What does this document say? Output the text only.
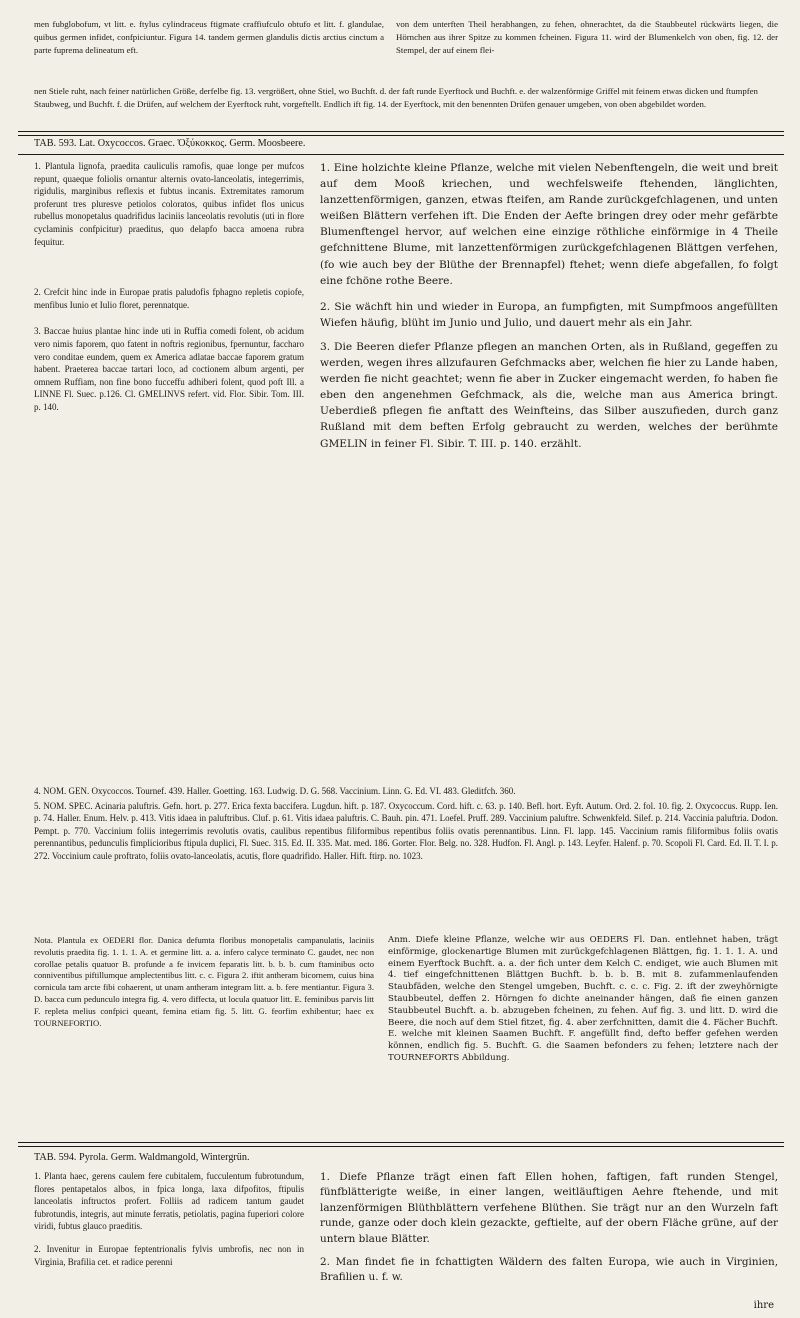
men fubglobofum, vt litt. e. ftylus cylindraceus ftigmate craffiufculo obtufo et litt. f. glandulae, quibus germen infidet, confpiciuntur. Figura 14. tandem germen glandulis dictis arctius cinctum a parte fuprema delineatum eft.
von dem unterften Theil herabhangen, zu fehen, ohnerachtet, da die Staubbeutel rückwärts liegen, die Hörnchen aus ihrer Spitze zu kommen fcheinen. Figura 11. wird der Blumenkelch von oben, fig. 12. der Stempel, der auf einem flei-
nen Stiele ruht, nach feiner natürlichen Größe, derfelbe fig. 13. vergrößert, ohne Stiel, wo Buchft. d. der faft runde Eyerftock und Buchft. e. der walzenförmige Griffel mit feinem etwas dicken und ftumpfen Staubweg, und Buchft. f. die Drüfen, auf welchem der Eyerftock ruht, vorgeftellt. Endlich ift fig. 14. der Eyerftock, mit den benennten Drüfen genauer umgeben, von oben abgebildet worden.
TAB. 593. Lat. Oxycoccos. Graec. Ὀξύκοκκος. Germ. Moosbeere.

1. Plantula lignofa, praedita cauliculis ramofis, quae longe per mufcos repunt, quaeque foliolis ornantur alternis ovato-lanceolatis, integerrimis, rigidulis, marginibus reflexis et fubtus incanis. Extremitates ramorum proferunt tres pluresve petiolos coloratos, quibus infidet flos unicus rubellus monopetalus quadrifidus laciniis lanceolatis revolutis (uti in flore cyclaminis confpicitur) praeditus, quo delapfo bacca amoena rubra fequitur.

2. Crefcit hinc inde in Europae pratis paludofis fphagno repletis copiofe, menfibus Iunio et Iulio floret, perennatque.

3. Baccae huius plantae hinc inde uti in Ruffia comedi folent, ob acidum vero nimis faporem, quo fatent in noftris regionibus, fpernuntur, faccharo vero conditae eundem, quem ex America adlatae baccae faporem gratum habent. Praeterea baccae tartari loco, ad coctionem album argenti, per omnem Ruffiam, non fine bono fucceffu adhiberi folent, quod poft Ill. a LINNE Fl. Suec. p.126. Cl. GMELINVS refert. vid. Flor. Sibir. Tom. III. p. 140.

1. Eine holzichte kleine Pflanze, welche mit vielen Nebenftengeln, die weit und breit auf dem Mooß kriechen, und wechfelsweife ftehenden, länglichten, lanzettenförmigen, ganzen, etwas fteifen, am Rande zurückgefchlagenen, und unten weißen Blättern verfehen ift. Die Enden der Aefte bringen drey oder mehr gefärbte Blumenftengel hervor, auf welchen eine einzige röthliche einförmige in 4 Theile gefchnittene Blume, mit lanzettenförmigen zurückgefchlagenen Blättgen verfehen, (fo wie auch bey der Blüthe der Brennapfel) ftehet; wenn diefe abgefallen, fo folgt eine fchöne rothe Beere.

2. Sie wächft hin und wieder in Europa, an fumpfigten, mit Sumpfmoos angefüllten Wiefen häufig, blüht im Junio und Julio, und dauert mehr als ein Jahr.

3. Die Beeren diefer Pflanze pflegen an manchen Orten, als in Rußland, gegeffen zu werden, wegen ihres allzufauren Gefchmacks aber, welchen fie hier zu Lande haben, werden fie nicht geachtet; wenn fie aber in Zucker eingemacht werden, fo haben fie eben den angenehmen Gefchmack, als die, welche man aus America bringt. Ueberdieß pflegen fie anftatt des Weinfteins, das Silber auszufieden, durch ganz Rußland mit dem beften Erfolg gebraucht zu werden, welches der berühmte GMELIN in feiner Fl. Sibir. T. III. p. 140. erzählt.

4. NOM. GEN. Oxycoccos. Tournef. 439. Haller. Goetting. 163. Ludwig. D. G. 568. Vaccinium. Linn. G. Ed. VI. 483. Gleditfch. 360.

5. NOM. SPEC. Acinaria paluftris. Gefn. hort. p. 277. Erica fexta baccifera. Lugdun. hift. p. 187. Oxycoccum. Cord. hift. c. 63. p. 140. Befl. hort. Eyft. Autum. Ord. 2. fol. 10. fig. 2. Oxycoccus. Rupp. Ien. p. 74. Haller. Enum. Helv. p. 413. Vitis idaea in paluftribus. Cluf. p. 61. Vitis idaea paluftris. C. Bauh. pin. 471. Loefel. Pruff. 289. Vaccinium paluftre. Schwenkfeld. Silef. p. 214. Vaccinia paluftria. Dodon. Pempt. p. 770. Vaccinium foliis integerrimis revolutis ovatis, caulibus repentibus filiformibus repentibus foliis ovatis perennantibus. Linn. Fl. lapp. 145. Vaccinium ramis filiformibus foliis ovatis perennantibus, pedunculis fimplicioribus ftipula duplici, Fl. Suec. 315. Ed. II. 335. Mat. med. 186. Gorter. Flor. Belg. no. 328. Hudfon. Fl. Angl. p. 143. Leyfer. Halenf. p. 70. Scopoli Fl. Card. Ed. II. T. I. p. 272. Voccinium caule proftrato, foliis ovato-lanceolatis, acutis, flore quadrifido. Haller. Hift. ftirp. no. 1023.

Nota. Plantula ex OEDERI flor. Danica defumta floribus monopetalis campanulatis, laciniis revolutis praedita fig. 1. 1. 1. A. et germine litt. a. a. infero calyce terminato C. gaudet, nec non corollae petalis quatuor B. profunde a fe invicem feparatis litt. b. b. b. cum ftaminibus octo conniventibus piftillumque amplectentibus litt. c. c. Figura 2. iftit antheram bicornem, cuius bina cornicula tam arcte fibi cohaerent, ut unam antheram integram litt. a. b. fere mentiantur. Figura 3. D. bacca cum pedunculo integra fig. 4. vero diffecta, ut locula quatuor litt. E. feminibus parvis litt F. repleta melius confpici queant, femina etiam fig. 5. litt. G. feorfim exhibentur; haec ex TOURNEFORTIO.
Anm. Diefe kleine Pflanze, welche wir aus OEDERS Fl. Dan. entlehnet haben, trägt einförmige, glockenartige Blumen mit zurückgefchlagenen Blättgen, fig. 1. 1. 1. A. und einem Eyerftock Buchft. a. a. der fich unter dem Kelch C. endiget, wie auch Blumen mit 4. tief eingefchnittenen Blättgen Buchft. b. b. b. B. mit 8. zufammenlaufenden Staubfäden, welche den Stengel umgeben, Buchft. c. c. c. Fig. 2. ift der zweyhörnigte Staubbeutel, deffen 2. Hörngen fo dichte aneinander hängen, daß fie einen ganzen Staubbeutel Buchft. a. b. abzugeben fcheinen, zu fehen. Auf fig. 3. und litt. D. wird die Beere, die noch auf dem Stiel fitzet, fig. 4. aber zerfchnitten, damit die 4. Fächer Buchft. E. welche mit kleinen Saamen Buchft. F. angefüllt find, defto beffer gefehen werden können, endlich fig. 5. Buchft. G. die Saamen befonders zu fehen; letztere nach der TOURNEFORTS Abbildung.
TAB. 594. Pyrola. Germ. Waldmangold, Wintergrün.

1. Planta haec, gerens caulem fere cubitalem, fucculentum fubrotundum, flores pentapetalos albos, in fpica longa, laxa difpofitos, ftipulis lanceolatis inftructos profert. Folliis ad radicem tantum gaudet fubrotundis, integris, aut minute ferratis, petiolatis, pagina fuperiori colore viridi, fubtus glauco praeditis.

2. Invenitur in Europae feptentrionalis fylvis umbrofis, nec non in Virginia, Brafilia cet. et radice perenni

1. Diefe Pflanze trägt einen faft Ellen hohen, faftigen, faft runden Stengel, fünfblätterigte weiße, in einer langen, weitläuftigen Aehre ftehende, und mit lanzenförmigen Blüthblättern verfehene Blüthen. Sie trägt nur an den Wurzeln faft runde, ganze oder doch klein gezackte, geftielte, auf der obern Fläche grüne, auf der untern blaue Blätter.

2. Man findet fie in fchattigten Wäldern des falten Europa, wie auch in Virginien, Brafilien u. f. w.

ihre
